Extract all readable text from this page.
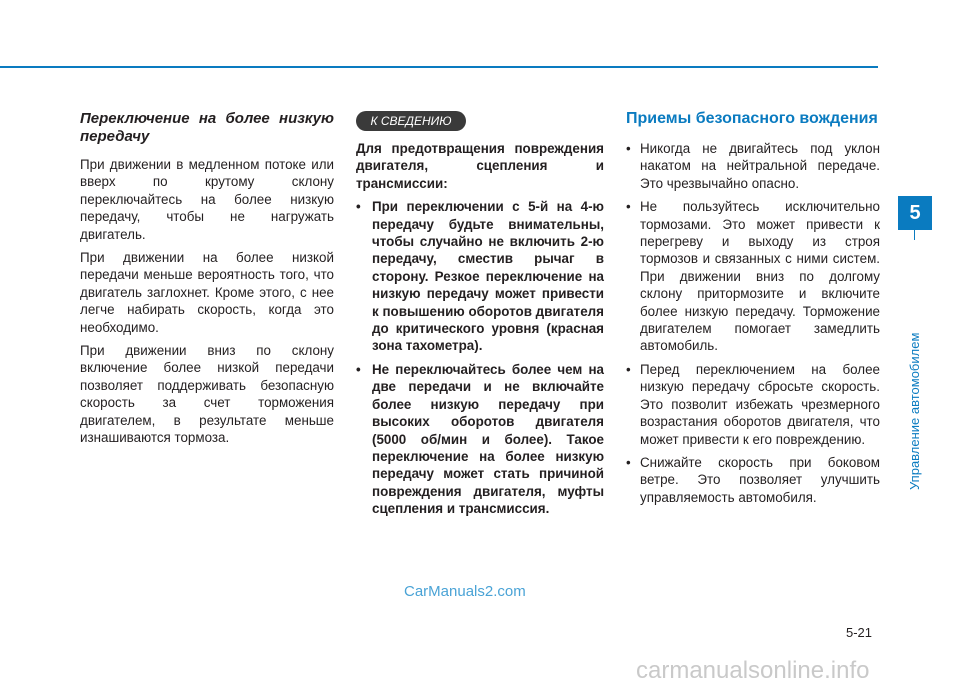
Переключение на более низкую передачу

При движении в медленном потоке или вверх по крутому склону переключайтесь на более низкую передачу, чтобы не нагружать двигатель.

При движении на более низкой передачи меньше вероятность того, что двигатель заглохнет. Кроме этого, с нее легче набирать скорость, когда это необходимо.

При движении вниз по склону включение более низкой передачи позволяет поддерживать безопасную скорость за счет торможения двигателем, в результате меньше изнашиваются тормоза.

К СВЕДЕНИЮ

Для предотвращения повреждения двигателя, сцепления и трансмиссии:

• При переключении с 5-й на 4-ю передачу будьте внимательны, чтобы случайно не включить 2-ю передачу, сместив рычаг в сторону. Резкое переключение на низкую передачу может привести к повышению оборотов двигателя до критического уровня (красная зона тахометра).
• Не переключайтесь более чем на две передачи и не включайте более низкую передачу при высоких оборотов двигателя (5000 об/мин и более). Такое переключение на более низкую передачу может стать причиной повреждения двигателя, муфты сцепления и трансмиссия.
Приемы безопасного вождения
• Никогда не двигайтесь под уклон накатом на нейтральной передаче. Это чрезвычайно опасно.
• Не пользуйтесь исключительно тормозами. Это может привести к перегреву и выходу из строя тормозов и связанных с ними систем. При движении вниз по долгому склону притормозите и включите более низкую передачу. Торможение двигателем помогает замедлить автомобиль.
• Перед переключением на более низкую передачу сбросьте скорость. Это позволит избежать чрезмерного возрастания оборотов двигателя, что может привести к его повреждению.
• Снижайте скорость при боковом ветре. Это позволяет улучшить управляемость автомобиля.
5
Управление автомобилем
CarManuals2.com
5-21
carmanualsonline.info
